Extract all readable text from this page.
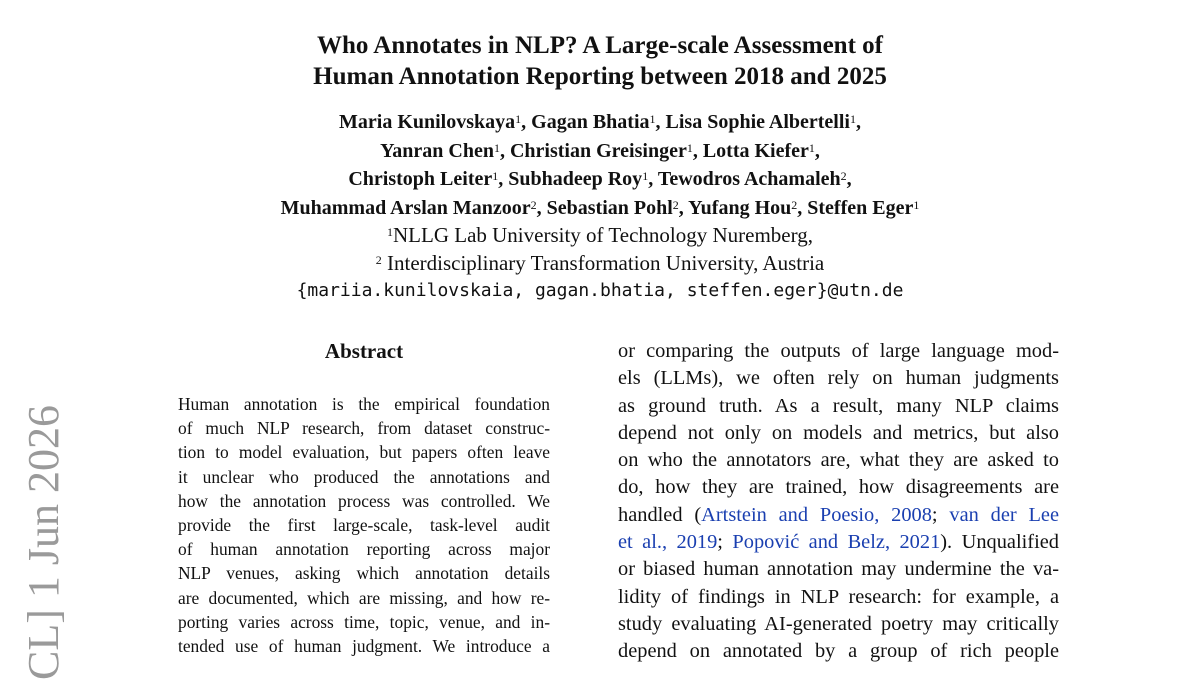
Who Annotates in NLP? A Large-scale Assessment of
Human Annotation Reporting between 2018 and 2025
Maria Kunilovskaya$^1$, Gagan Bhatia$^1$, Lisa Sophie Albertelli$^1$,
Yanran Chen$^1$, Christian Greisinger$^1$, Lotta Kiefer$^1$,
Christoph Leiter$^1$, Subhadeep Roy$^1$, Tewodros Achamaleh$^2$,
Muhammad Arslan Manzoor$^2$, Sebastian Pohl$^2$, Yufang Hou$^2$, Steffen Eger$^1$
$^1$NLLG Lab University of Technology Nuremberg,
$^2$ Interdisciplinary Transformation University, Austria
{mariia.kunilovskaia, gagan.bhatia, steffen.eger}@utn.de
Abstract
Human annotation is the empirical foundation
of much NLP research, from dataset construc-
tion to model evaluation, but papers often leave
it unclear who produced the annotations and
how the annotation process was controlled. We
provide the first large-scale, task-level audit
of human annotation reporting across major
NLP venues, asking which annotation details
are documented, which are missing, and how re-
porting varies across time, topic, venue, and in-
tended use of human judgment. We introduce a
or comparing the outputs of large language mod-
els (LLMs), we often rely on human judgments
as ground truth. As a result, many NLP claims
depend not only on models and metrics, but also
on who the annotators are, what they are asked to
do, how they are trained, how disagreements are
handled (Artstein and Poesio, 2008; van der Lee
et al., 2019; Popović and Belz, 2021). Unqualified
or biased human annotation may undermine the va-
lidity of findings in NLP research: for example, a
study evaluating AI-generated poetry may critically
depend on annotated by a group of rich people
CL] 1 Jun 2026
